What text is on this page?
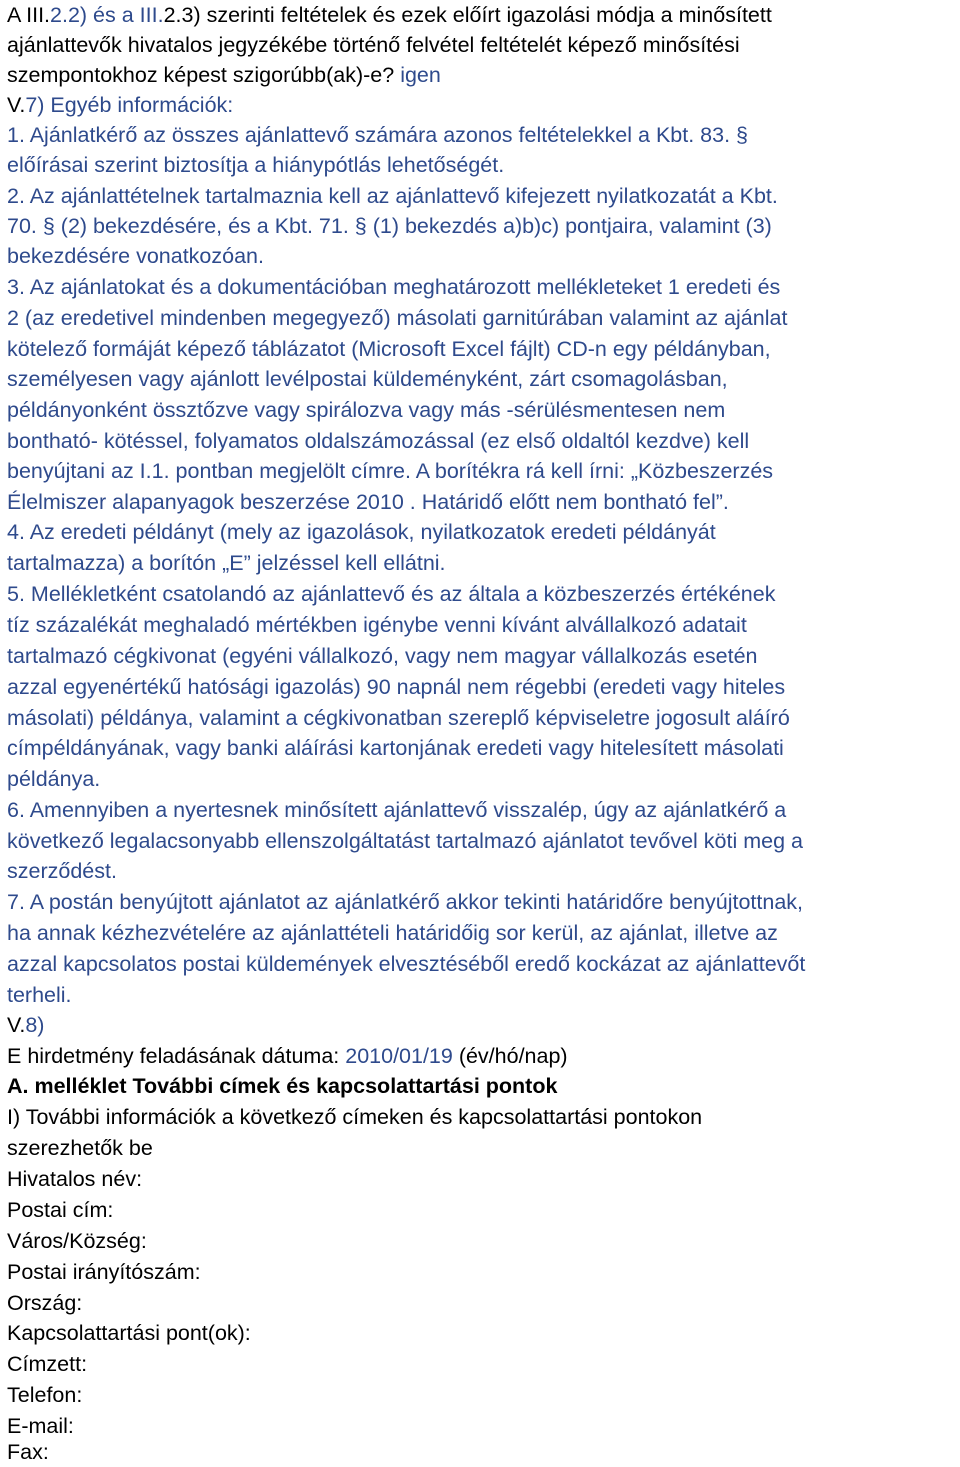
A III.2.2) és a III.2.3) szerinti feltételek és ezek előírt igazolási módja a minősített
ajánlattevők hivatalos jegyzékébe történő felvétel feltételét képező minősítési
szempontokhoz képest szigorúbb(ak)-e? igen
V.7) Egyéb információk:
1. Ajánlatkérő az összes ajánlattevő számára azonos feltételekkel a Kbt. 83. §
előírásai szerint biztosítja a hiánypótlás lehetőségét.
2. Az ajánlattételnek tartalmaznia kell az ajánlattevő kifejezett nyilatkozatát a Kbt.
70. § (2) bekezdésére, és a Kbt. 71. § (1) bekezdés a)b)c) pontjaira, valamint (3)
bekezdésére vonatkozóan.
3. Az ajánlatokat és a dokumentációban meghatározott mellékleteket 1 eredeti és
2 (az eredetivel mindenben megegyező) másolati garnitúrában valamint az ajánlat
kötelező formáját képező táblázatot (Microsoft Excel fájlt) CD-n egy példányban,
személyesen vagy ajánlott levélpostai küldeményként, zárt csomagolásban,
példányonként össztőzve vagy spirálozva vagy más -sérülésmentesen nem
bontható- kötéssel, folyamatos oldalszámozással (ez első oldaltól kezdve) kell
benyújtani az I.1. pontban megjelölt címre. A borítékra rá kell írni: „Közbeszerzés
Élelmiszer alapanyagok beszerzése 2010 . Határidő előtt nem bontható fel”.
4. Az eredeti példányt (mely az igazolások, nyilatkozatok eredeti példányát
tartalmazza) a borítón „E” jelzéssel kell ellátni.
5. Mellékletként csatolandó az ajánlattevő és az általa a közbeszerzés értékének
tíz százalékát meghaladó mértékben igénybe venni kívánt alvállalkozó adatait
tartalmazó cégkivonat (egyéni vállalkozó, vagy nem magyar vállalkozás esetén
azzal egyenértékű hatósági igazolás) 90 napnál nem régebbi (eredeti vagy hiteles
másolati) példánya, valamint a cégkivonatban szereplő képviseletre jogosult aláíró
címpéldányának, vagy banki aláírási kartonjának eredeti vagy hitelesített másolati
példánya.
6. Amennyiben a nyertesnek minősített ajánlattevő visszalép, úgy az ajánlatkérő a
következő legalacsonyabb ellenszolgáltatást tartalmazó ajánlatot tevővel köti meg a
szerződést.
7. A postán benyújtott ajánlatot az ajánlatkérő akkor tekinti határidőre benyújtottnak,
ha annak kézhezvételére az ajánlattételi határidőig sor kerül, az ajánlat, illetve az
azzal kapcsolatos postai küldemények elvesztéséből eredő kockázat az ajánlattevőt
terheli.
V.8)
E hirdetmény feladásának dátuma: 2010/01/19 (év/hó/nap)
A. melléklet További címek és kapcsolattartási pontok
I) További információk a következő címeken és kapcsolattartási pontokon
szerezhetők be
Hivatalos név:
Postai cím:
Város/Község:
Postai irányítószám:
Ország:
Kapcsolattartási pont(ok):
Címzett:
Telefon:
E-mail:
Fax:
